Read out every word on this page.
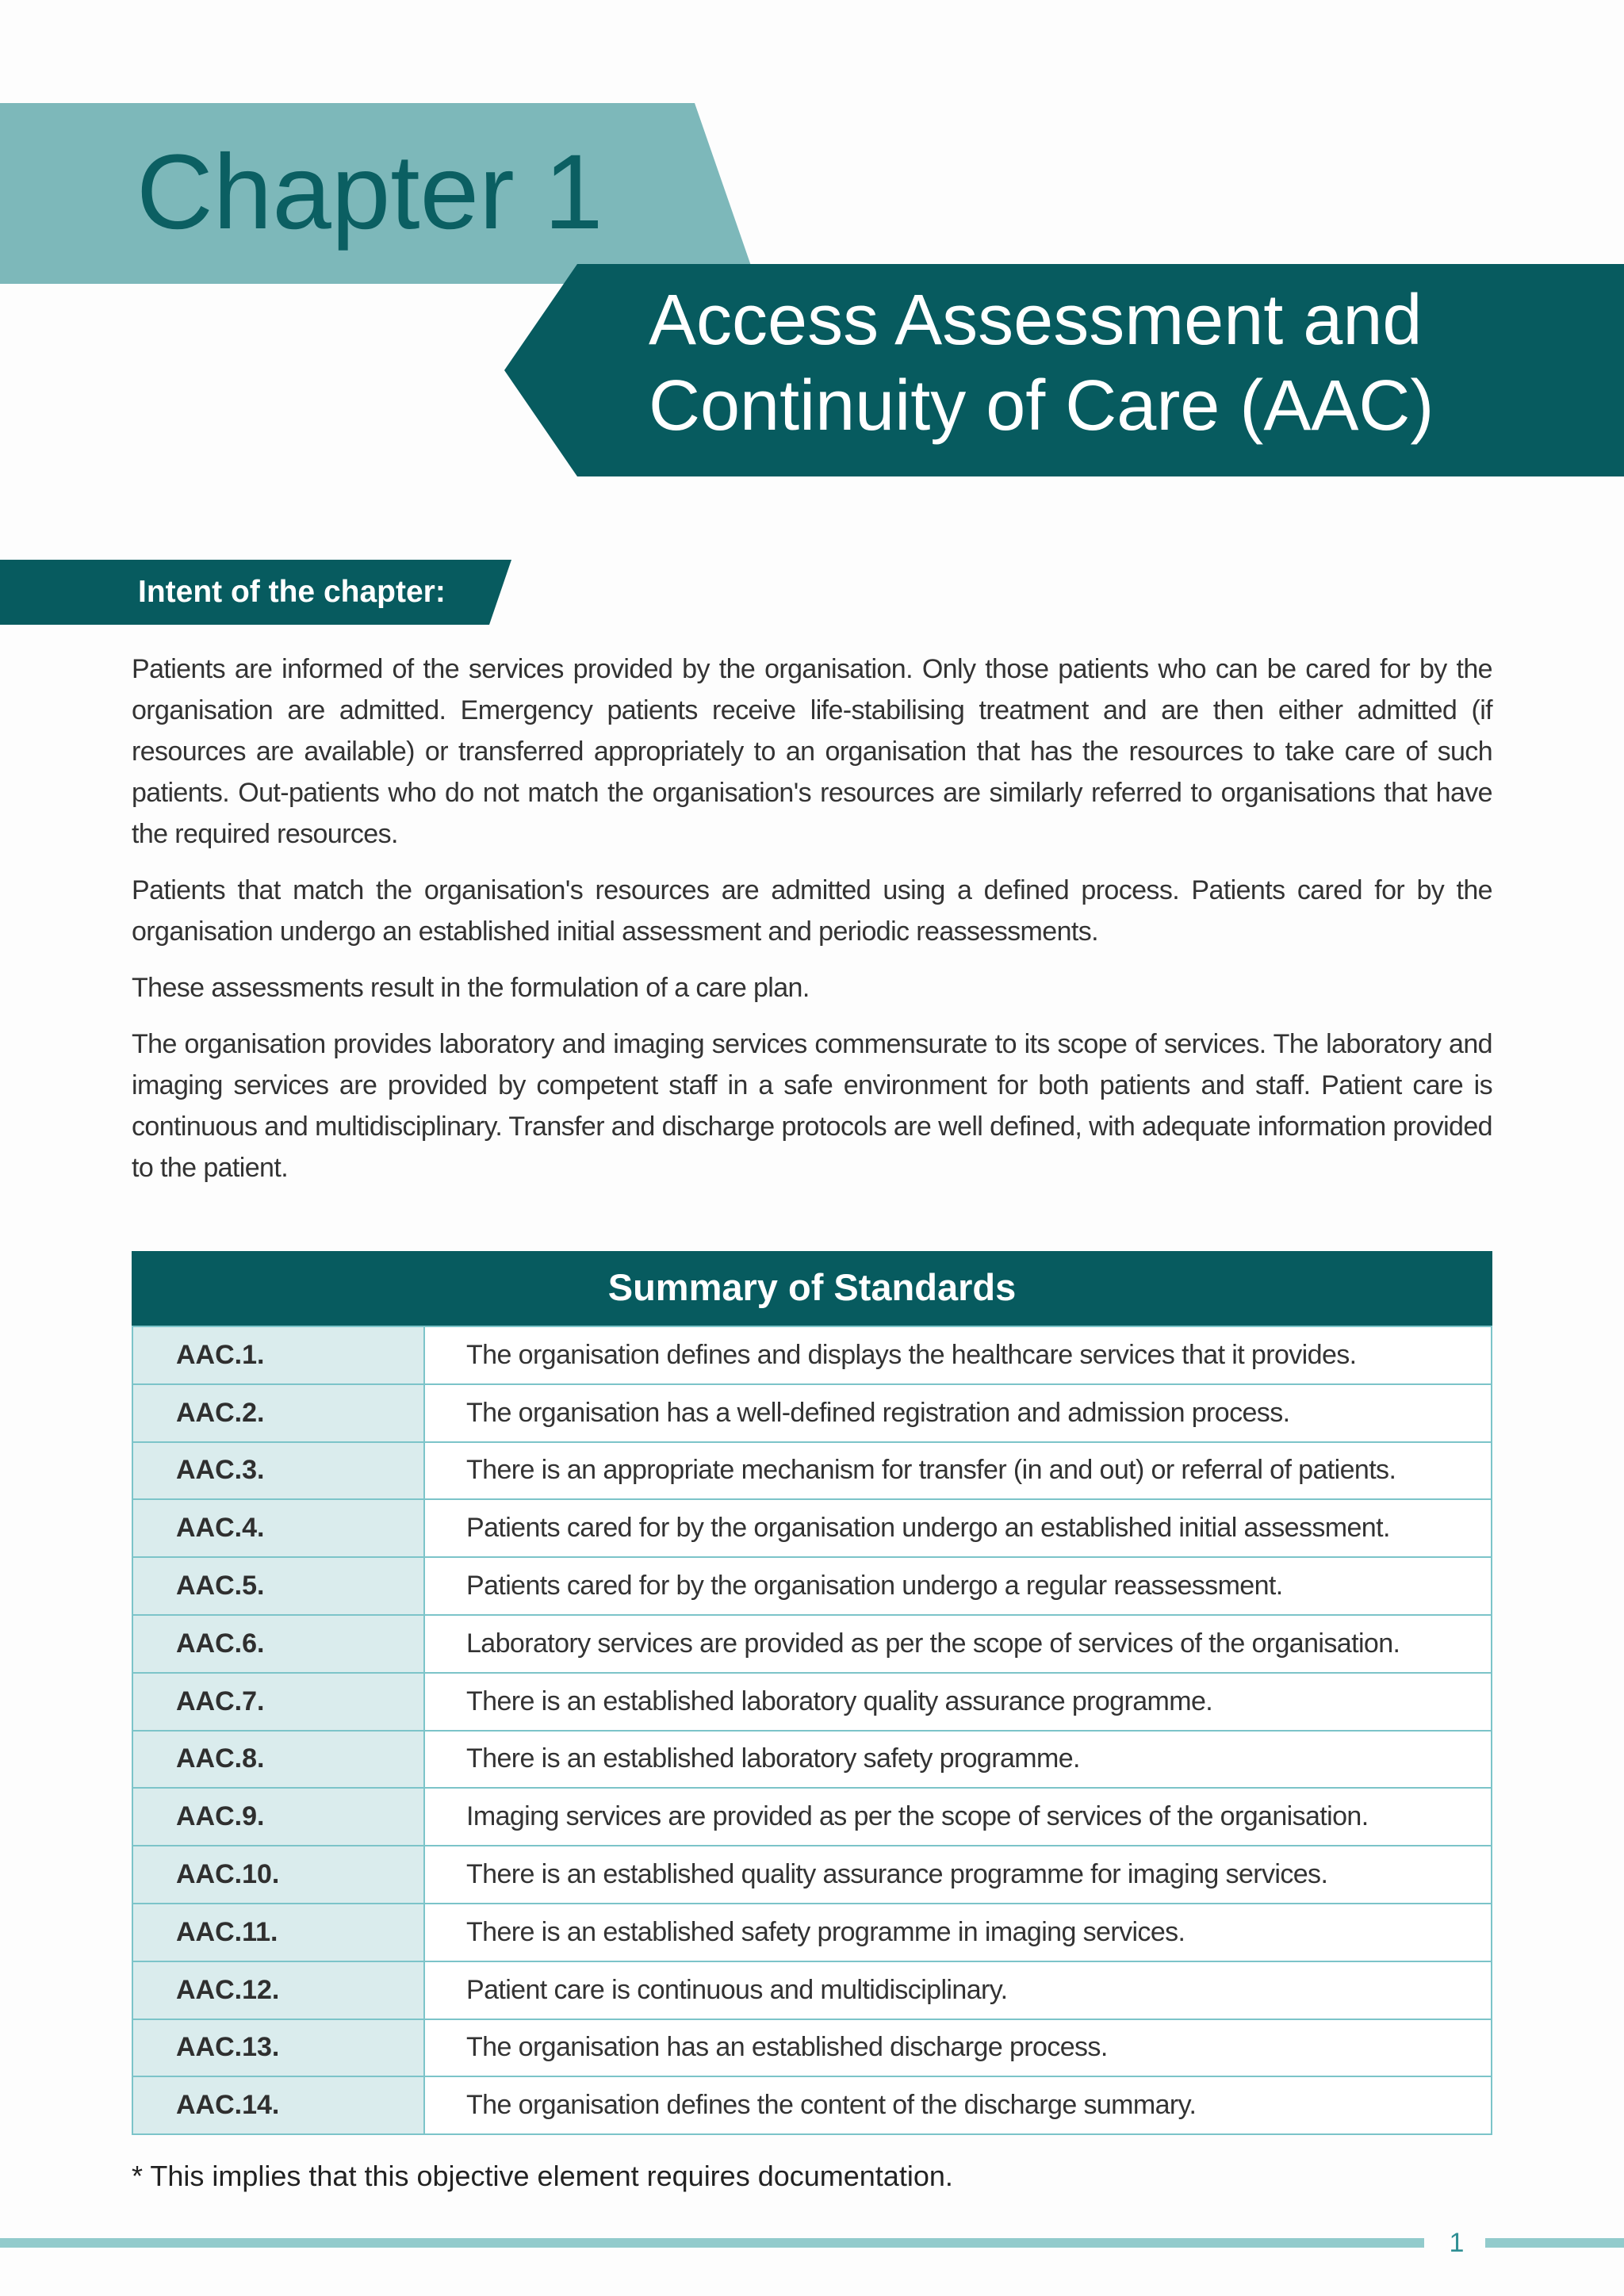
Chapter 1
Access Assessment and
Continuity of Care (AAC)
Intent of the chapter:

Patients are informed of the services provided by the organisation. Only those patients who can be cared for by the organisation are admitted. Emergency patients receive life-stabilising treatment and are then either admitted (if resources are available) or transferred appropriately to an organisation that has the resources to take care of such patients. Out-patients who do not match the organisation's resources are similarly referred to organisations that have the required resources.

Patients that match the organisation's resources are admitted using a defined process. Patients cared for by the organisation undergo an established initial assessment and periodic reassessments.

These assessments result in the formulation of a care plan.

The organisation provides laboratory and imaging services commensurate to its scope of services. The laboratory and imaging services are provided by competent staff in a safe environment for both patients and staff. Patient care is continuous and multidisciplinary. Transfer and discharge protocols are well defined, with adequate information provided to the patient.

Summary of Standards
AAC.1.	The organisation defines and displays the healthcare services that it provides.
AAC.2.	The organisation has a well-defined registration and admission process.
AAC.3.	There is an appropriate mechanism for transfer (in and out) or referral of patients.
AAC.4.	Patients cared for by the organisation undergo an established initial assessment.
AAC.5.	Patients cared for by the organisation undergo a regular reassessment.
AAC.6.	Laboratory services are provided as per the scope of services of the organisation.
AAC.7.	There is an established laboratory quality assurance programme.
AAC.8.	There is an established laboratory safety programme.
AAC.9.	Imaging services are provided as per the scope of services of the organisation.
AAC.10.	There is an established quality assurance programme for imaging services.
AAC.11.	There is an established safety programme in imaging services.
AAC.12.	Patient care is continuous and multidisciplinary.
AAC.13.	The organisation has an established discharge process.
AAC.14.	The organisation defines the content of the discharge summary.
* This implies that this objective element requires documentation.
1
